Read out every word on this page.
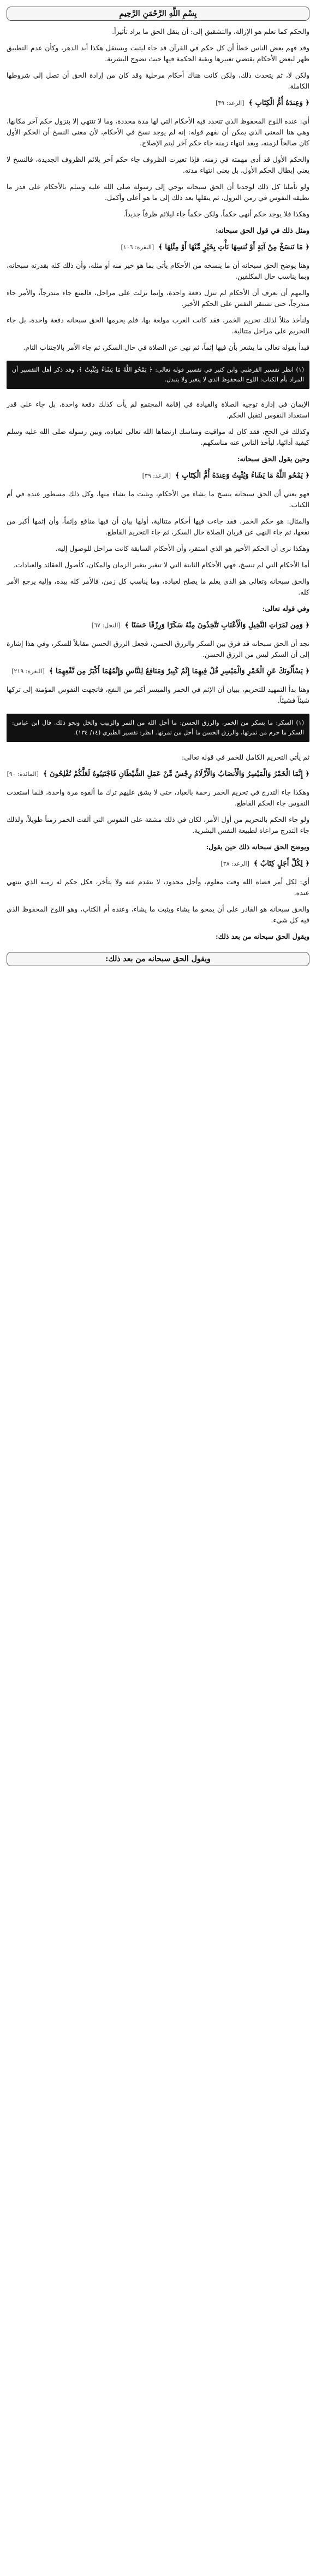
بِسْمِ اللَّهِ الرَّحْمَنِ الرَّحِيمِ

والحكم كما تعلم هو الإزالة، والتشقيق إلى: أن ينقل الحق ما يراد تأثيراً.

وقد فهم بعض الناس خطأ أن كل حكم في القرآن قد جاء ليثبت ويستقل هكذا أبد الدهر، وكأن عدم التطبيق ظهر لبعض الأحكام يقتضي تغييرها وبقية الحكمة فيها حيث نضوج البشرية.

ولكن لا، ثم يتحدث ذلك، ولكن كانت هناك أحكام مرحلية وقد كان من إرادة الحق أن تصل إلى شروطها الكاملة.

﴿ وَعِندَهُ أُمُّ الْكِتَابِ ﴾[الرعد: ٣٩]

أي: عنده اللوح المحفوظ الذي تتحدد فيه الأحكام التي لها مدة محددة، وما لا تنتهي إلا بنزول حكم آخر مكانها، وهي هنا المعنى الذي يمكن أن نفهم قوله: إنه لم يوجد نسخ في الأحكام، لأن معنى النسخ أن الحكم الأول كان صالحاً لزمنه، وبعد انتهاء زمنه جاء حكم آخر ليتم الإصلاح.

والحكم الأول قد أدى مهمته في زمنه. فإذا تغيرت الظروف جاء حكم آخر يلائم الظروف الجديدة، فالنسخ لا يعني إبطال الحكم الأول، بل يعني انتهاء مدته.

ولو تأملنا كل ذلك لوجدنا أن الحق سبحانه يوحي إلى رسوله صلى الله عليه وسلم بالأحكام على قدر ما تطيقه النفوس في زمن النزول، ثم ينقلها بعد ذلك إلى ما هو أعلى وأكمل.

وهكذا فلا يوجد حكم أنهى حكماً، ولكن حكماً جاء ليلائم ظرفاً جديداً.

ومثل ذلك في قول الحق سبحانه:
﴿ مَا نَنسَخْ مِنْ آيَةٍ أَوْ نُنسِهَا نَأْتِ بِخَيْرٍ مِّنْهَا أَوْ مِثْلِهَا ﴾[البقرة: ١٠٦]

وهنا يوضح الحق سبحانه أن ما ينسخه من الأحكام يأتي بما هو خير منه أو مثله، وأن ذلك كله بقدرته سبحانه، وبما يناسب حال المكلفين.

والمهم أن نعرف أن الأحكام لم تنزل دفعة واحدة، وإنما نزلت على مراحل، فالمنع جاء متدرجاً، والأمر جاء متدرجاً، حتى تستقر النفس على الحكم الأخير.

ولنأخذ مثلاً لذلك تحريم الخمر، فقد كانت العرب مولعة بها، فلم يحرمها الحق سبحانه دفعة واحدة، بل جاء التحريم على مراحل متتالية.

فبدأ بقوله تعالى ما يشعر بأن فيها إثماً، ثم نهى عن الصلاة في حال السكر، ثم جاء الأمر بالاجتناب التام.

(١) انظر تفسير القرطبي وابن كثير في تفسير قوله تعالى: ﴿ يَمْحُو اللَّهُ مَا يَشَاءُ وَيُثْبِتُ ﴾، وقد ذكر أهل التفسير أن المراد بأم الكتاب: اللوح المحفوظ الذي لا يتغير ولا يتبدل.

الإيمان في إدارة توجيه الصلاة والقيادة في إقامة المجتمع لم يأت كذلك دفعة واحدة، بل جاء على قدر استعداد النفوس لتقبل الحكم.

وكذلك في الحج، فقد كان له مواقيت ومناسك ارتضاها الله تعالى لعباده، وبين رسوله صلى الله عليه وسلم كيفية أدائها، ليأخذ الناس عنه مناسكهم.

وحين يقول الحق سبحانه:
﴿ يَمْحُو اللَّهُ مَا يَشَاءُ وَيُثْبِتُ وَعِندَهُ أُمُّ الْكِتَابِ ﴾[الرعد: ٣٩]

فهو يعني أن الحق سبحانه ينسخ ما يشاء من الأحكام، ويثبت ما يشاء منها، وكل ذلك مسطور عنده في أم الكتاب.

والمثال: هو حكم الخمر، فقد جاءت فيها أحكام متتالية، أولها بيان أن فيها منافع وإثماً، وأن إثمها أكبر من نفعها، ثم جاء النهي عن قربان الصلاة حال السكر، ثم جاء التحريم القاطع.

وهكذا نرى أن الحكم الأخير هو الذي استقر، وأن الأحكام السابقة كانت مراحل للوصول إليه.

أما الأحكام التي لم تنسخ، فهي الأحكام الثابتة التي لا تتغير بتغير الزمان والمكان، كأصول العقائد والعبادات.

والحق سبحانه وتعالى هو الذي يعلم ما يصلح لعباده، وما يناسب كل زمن، فالأمر كله بيده، وإليه يرجع الأمر كله.

وفي قوله تعالى:
﴿ وَمِن ثَمَرَاتِ النَّخِيلِ وَالْأَعْنَابِ تَتَّخِذُونَ مِنْهُ سَكَرًا وَرِزْقًا حَسَنًا ﴾[النحل: ٦٧]

نجد أن الحق سبحانه قد فرق بين السكر والرزق الحسن، فجعل الرزق الحسن مقابلاً للسكر، وفي هذا إشارة إلى أن السكر ليس من الرزق الحسن.

﴿ يَسْأَلُونَكَ عَنِ الْخَمْرِ وَالْمَيْسِرِ قُلْ فِيهِمَا إِثْمٌ كَبِيرٌ وَمَنَافِعُ لِلنَّاسِ وَإِثْمُهُمَا أَكْبَرُ مِن نَّفْعِهِمَا ﴾[البقرة: ٢١٩]

وهنا بدأ التمهيد للتحريم، ببيان أن الإثم في الخمر والميسر أكبر من النفع، فاتجهت النفوس المؤمنة إلى تركها شيئاً فشيئاً.

(١) السكر: ما يسكر من الخمر، والرزق الحسن: ما أحل الله من التمر والزبيب والخل ونحو ذلك. قال ابن عباس: السكر ما حرم من ثمرتها، والرزق الحسن ما أحل من ثمرتها. انظر: تفسير الطبري (١٤/ ١٣٤).

ثم يأتي التحريم الكامل للخمر في قوله تعالى:

﴿ إِنَّمَا الْخَمْرُ وَالْمَيْسِرُ وَالْأَنصَابُ وَالْأَزْلَامُ رِجْسٌ مِّنْ عَمَلِ الشَّيْطَانِ فَاجْتَنِبُوهُ لَعَلَّكُمْ تُفْلِحُونَ ﴾[المائدة: ٩٠]

وهكذا جاء التدرج في تحريم الخمر رحمة بالعباد، حتى لا يشق عليهم ترك ما ألفوه مرة واحدة، فلما استعدت النفوس جاء الحكم القاطع.

ولو جاء الحكم بالتحريم من أول الأمر، لكان في ذلك مشقة على النفوس التي ألفت الخمر زمناً طويلاً، ولذلك جاء التدرج مراعاة لطبيعة النفس البشرية.

ويوضح الحق سبحانه ذلك حين يقول:
﴿ لِكُلِّ أَجَلٍ كِتَابٌ ﴾[الرعد: ٣٨]

أي: لكل أمر قضاه الله وقت معلوم، وأجل محدود، لا يتقدم عنه ولا يتأخر، فكل حكم له زمنه الذي ينتهي عنده.

والحق سبحانه هو القادر على أن يمحو ما يشاء ويثبت ما يشاء، وعنده أم الكتاب، وهو اللوح المحفوظ الذي فيه كل شيء.

ويقول الحق سبحانه من بعد ذلك:
ويقول الحق سبحانه من بعد ذلك:
